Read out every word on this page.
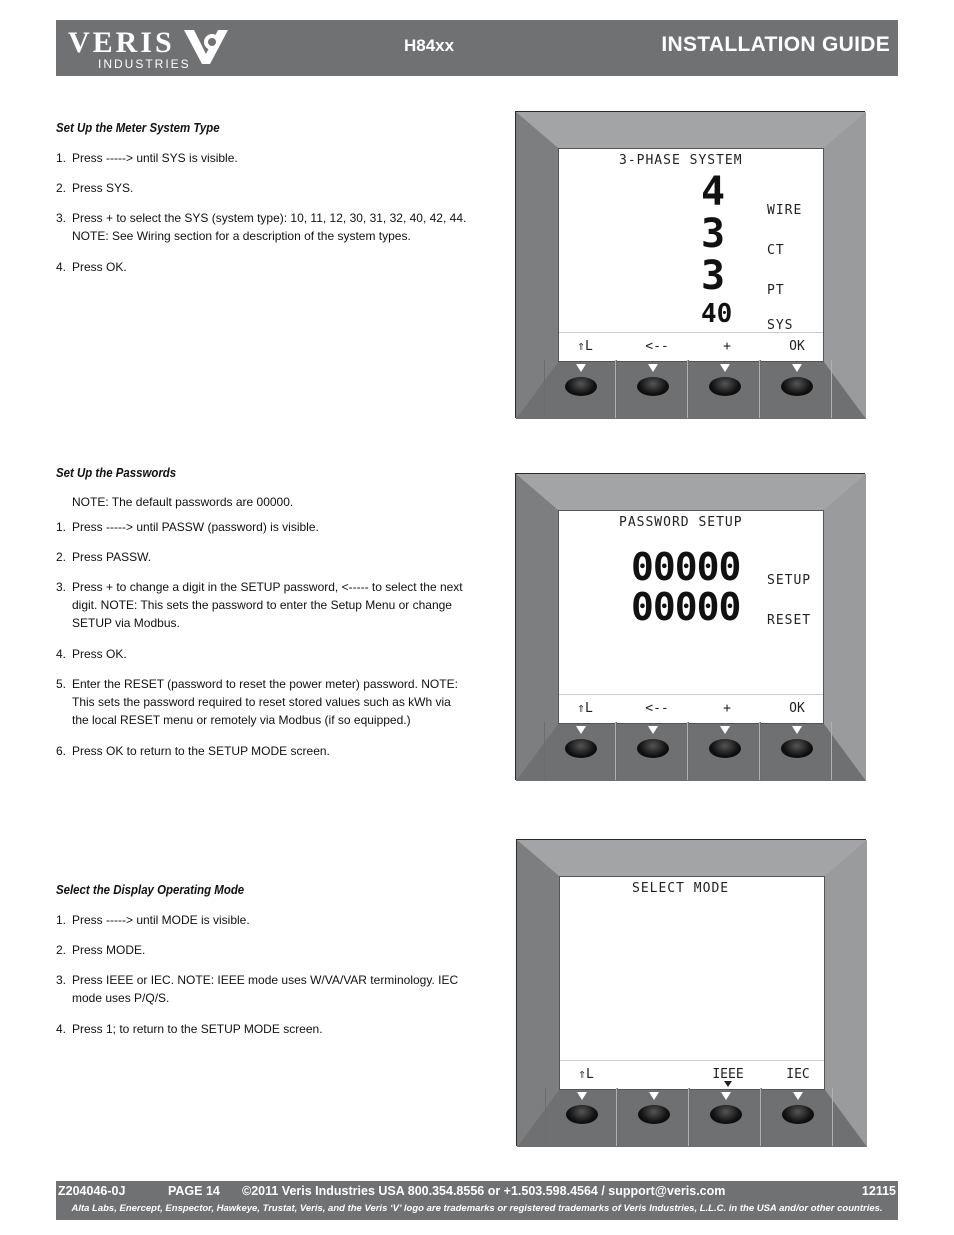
VERIS
INDUSTRIES
H84xx	INSTALLATION GUIDE
Set Up the Meter System Type
1. Press -----> until SYS is visible.
2. Press SYS.
3. Press + to select the SYS (system type): 10, 11, 12, 30, 31, 32, 40, 42, 44. NOTE: See Wiring section for a description of the system types.
4. Press OK.
3-PHASE SYSTEM
4
3
3
40
WIRE
CT
PT
SYS
⇑L	<--	+	OK
Set Up the Passwords
NOTE: The default passwords are 00000.
1. Press -----> until PASSW (password) is visible.
2. Press PASSW.
3. Press + to change a digit in the SETUP password, <----- to select the next digit. NOTE: This sets the password to enter the Setup Menu or change SETUP via Modbus.
4. Press OK.
5. Enter the RESET (password to reset the power meter) password. NOTE: This sets the password required to reset stored values such as kWh via the local RESET menu or remotely via Modbus (if so equipped.)
6. Press OK to return to the SETUP MODE screen.
PASSWORD SETUP
00000
00000
SETUP
RESET
⇑L	<--	+	OK
Select the Display Operating Mode
1. Press -----> until MODE is visible.
2. Press MODE.
3. Press IEEE or IEC. NOTE: IEEE mode uses W/VA/VAR terminology. IEC mode uses P/Q/S.
4. Press 1; to return to the SETUP MODE screen.
SELECT MODE
⇑L	IEEE	IEC
Z204046-0J	PAGE 14 ©2011 Veris Industries USA 800.354.8556 or +1.503.598.4564 / support@veris.com	12115
Alta Labs, Enercept, Enspector, Hawkeye, Trustat, Veris, and the Veris ‘V’ logo are trademarks or registered trademarks of Veris Industries, L.L.C. in the USA and/or other countries.
